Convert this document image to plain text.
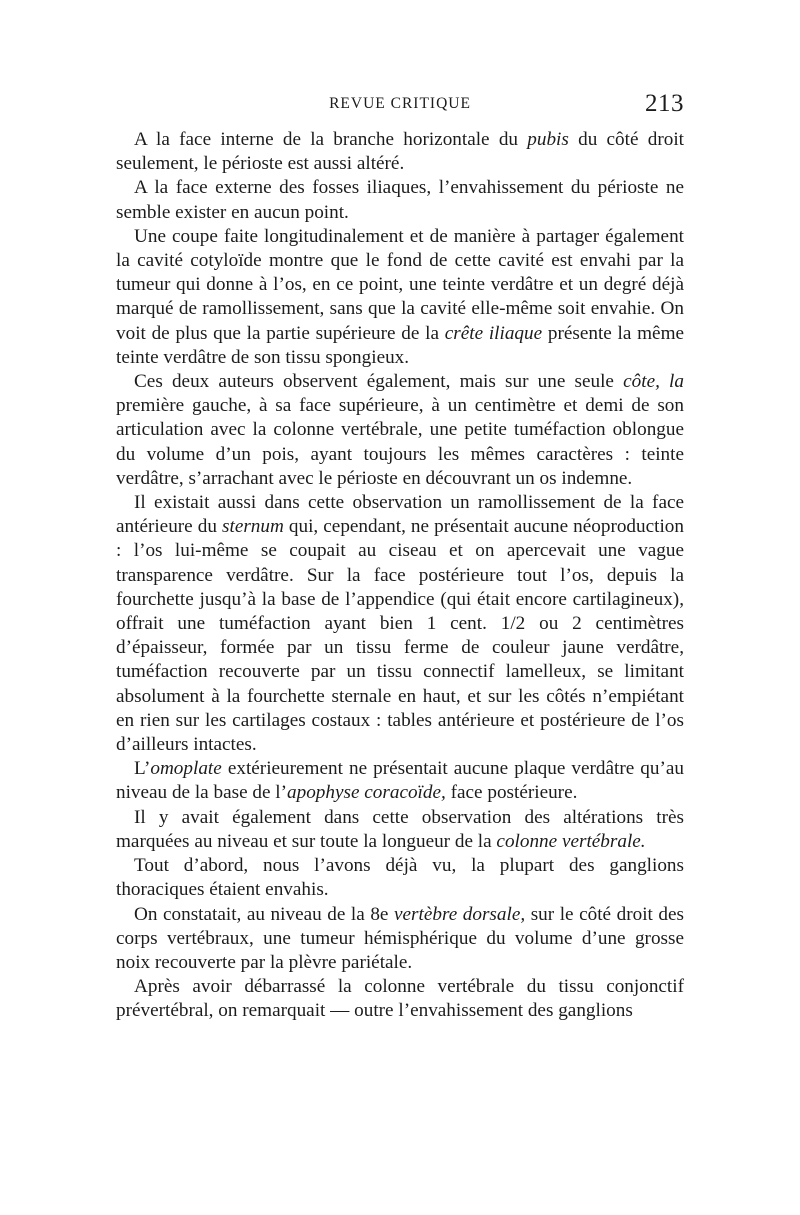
REVUE CRITIQUE	213

A la face interne de la branche horizontale du pubis du côté droit seulement, le périoste est aussi altéré.

A la face externe des fosses iliaques, l’envahissement du périoste ne semble exister en aucun point.

Une coupe faite longitudinalement et de manière à partager également la cavité cotyloïde montre que le fond de cette cavité est envahi par la tumeur qui donne à l’os, en ce point, une teinte verdâtre et un degré déjà marqué de ramollissement, sans que la cavité elle-même soit envahie. On voit de plus que la partie supérieure de la crête iliaque présente la même teinte verdâtre de son tissu spongieux.

Ces deux auteurs observent également, mais sur une seule côte, la première gauche, à sa face supérieure, à un centimètre et demi de son articulation avec la colonne vertébrale, une petite tuméfaction oblongue du volume d’un pois, ayant toujours les mêmes caractères : teinte verdâtre, s’arrachant avec le périoste en découvrant un os indemne.

Il existait aussi dans cette observation un ramollissement de la face antérieure du sternum qui, cependant, ne présentait aucune néoproduction : l’os lui-même se coupait au ciseau et on apercevait une vague transparence verdâtre. Sur la face postérieure tout l’os, depuis la fourchette jusqu’à la base de l’appendice (qui était encore cartilagineux), offrait une tuméfaction ayant bien 1 cent. 1/2 ou 2 centimètres d’épaisseur, formée par un tissu ferme de couleur jaune verdâtre, tuméfaction recouverte par un tissu connectif lamelleux, se limitant absolument à la fourchette sternale en haut, et sur les côtés n’empiétant en rien sur les cartilages costaux : tables antérieure et postérieure de l’os d’ailleurs intactes.

L’omoplate extérieurement ne présentait aucune plaque verdâtre qu’au niveau de la base de l’apophyse coracoïde, face postérieure.

Il y avait également dans cette observation des altérations très marquées au niveau et sur toute la longueur de la colonne vertébrale.

Tout d’abord, nous l’avons déjà vu, la plupart des ganglions thoraciques étaient envahis.

On constatait, au niveau de la 8e vertèbre dorsale, sur le côté droit des corps vertébraux, une tumeur hémisphérique du volume d’une grosse noix recouverte par la plèvre pariétale.

Après avoir débarrassé la colonne vertébrale du tissu conjonctif prévertébral, on remarquait — outre l’envahissement des ganglions
